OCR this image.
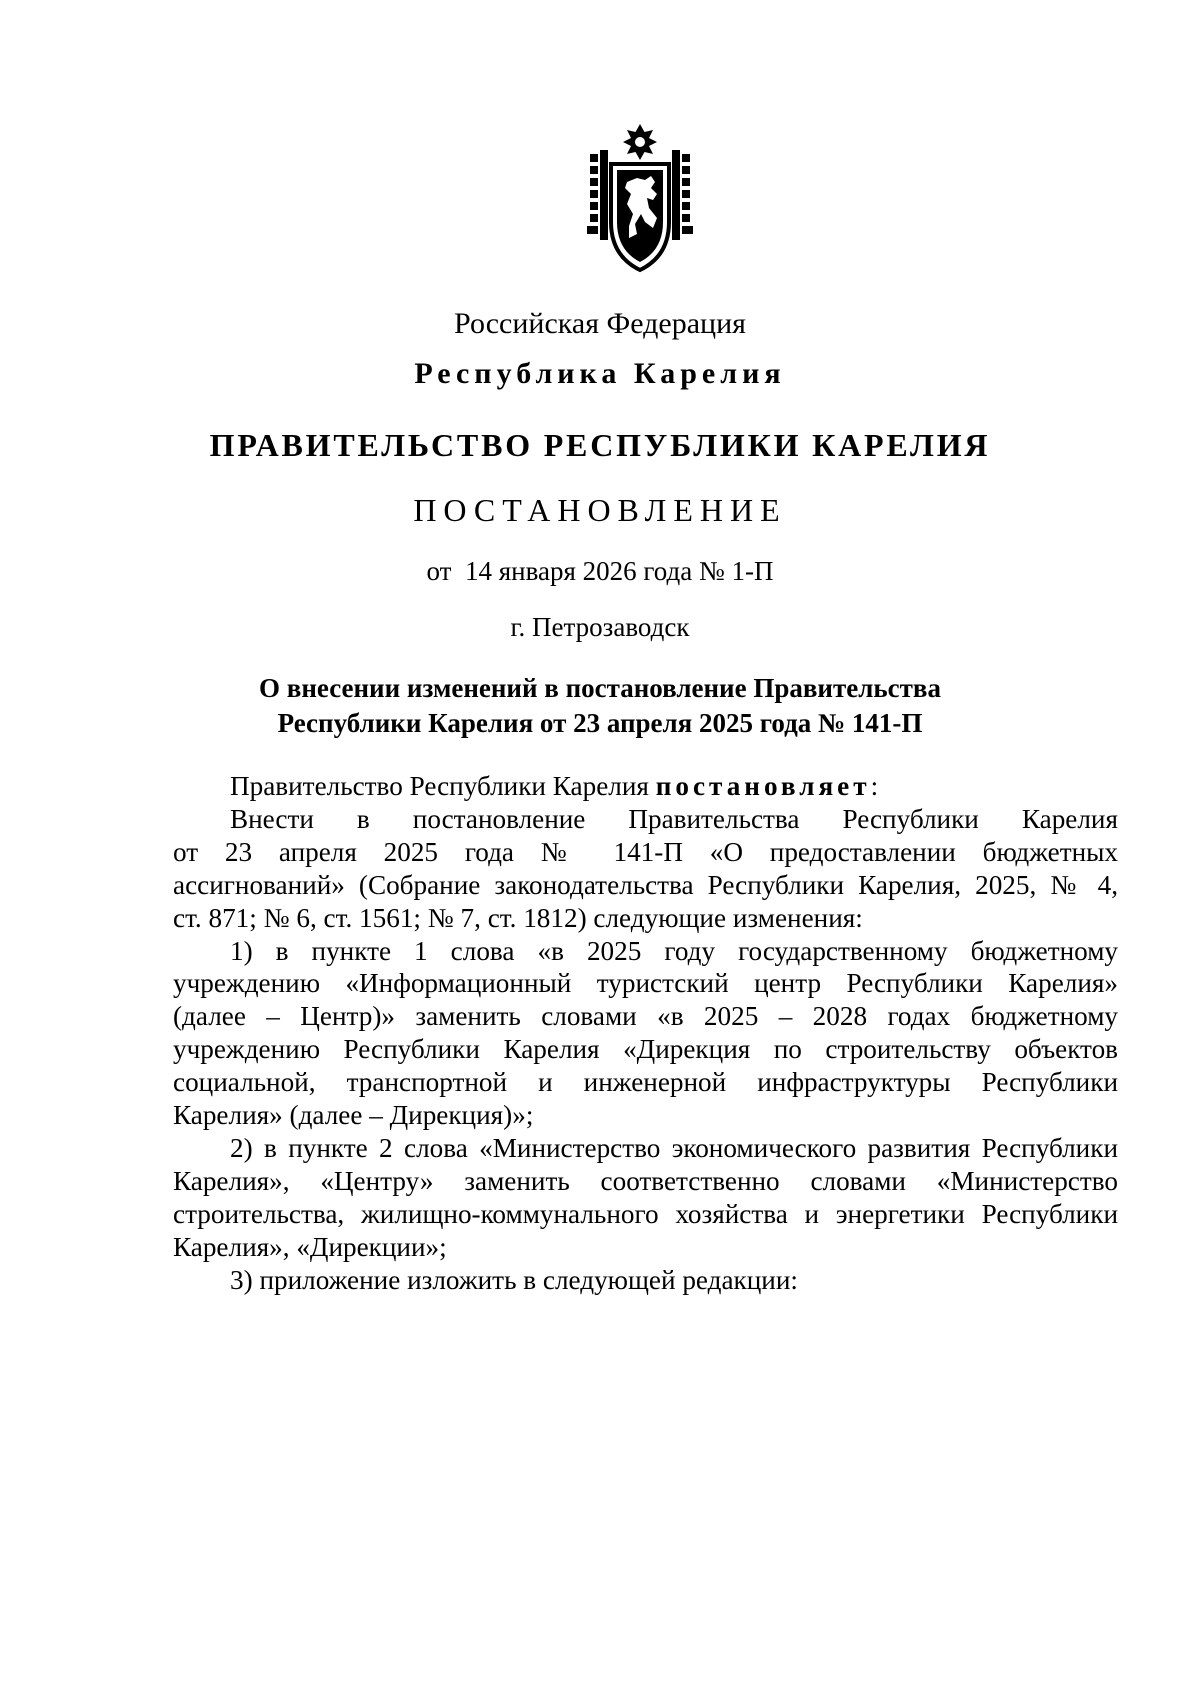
Российская Федерация
Республика Карелия
ПРАВИТЕЛЬСТВО РЕСПУБЛИКИ КАРЕЛИЯ
ПОСТАНОВЛЕНИЕ
от  14 января 2026 года № 1-П
г. Петрозаводск
О внесении изменений в постановление Правительства
Республики Карелия от 23 апреля 2025 года № 141-П

Правительство Республики Карелия постановляет:

Внести в постановление Правительства Республики Карелия

от 23 апреля 2025 года № 141-П «О предоставлении бюджетных

ассигнований» (Собрание законодательства Республики Карелия, 2025, № 4,

ст. 871; № 6, ст. 1561; № 7, ст. 1812) следующие изменения:

1) в пункте 1 слова «в 2025 году государственному бюджетному

учреждению «Информационный туристский центр Республики Карелия»

(далее – Центр)» заменить словами «в 2025 – 2028 годах бюджетному

учреждению Республики Карелия «Дирекция по строительству объектов

социальной, транспортной и инженерной инфраструктуры Республики

Карелия» (далее – Дирекция)»;

2) в пункте 2 слова «Министерство экономического развития Республики

Карелия», «Центру» заменить соответственно словами «Министерство

строительства, жилищно-коммунального хозяйства и энергетики Республики

Карелия», «Дирекции»;

3) приложение изложить в следующей редакции:
